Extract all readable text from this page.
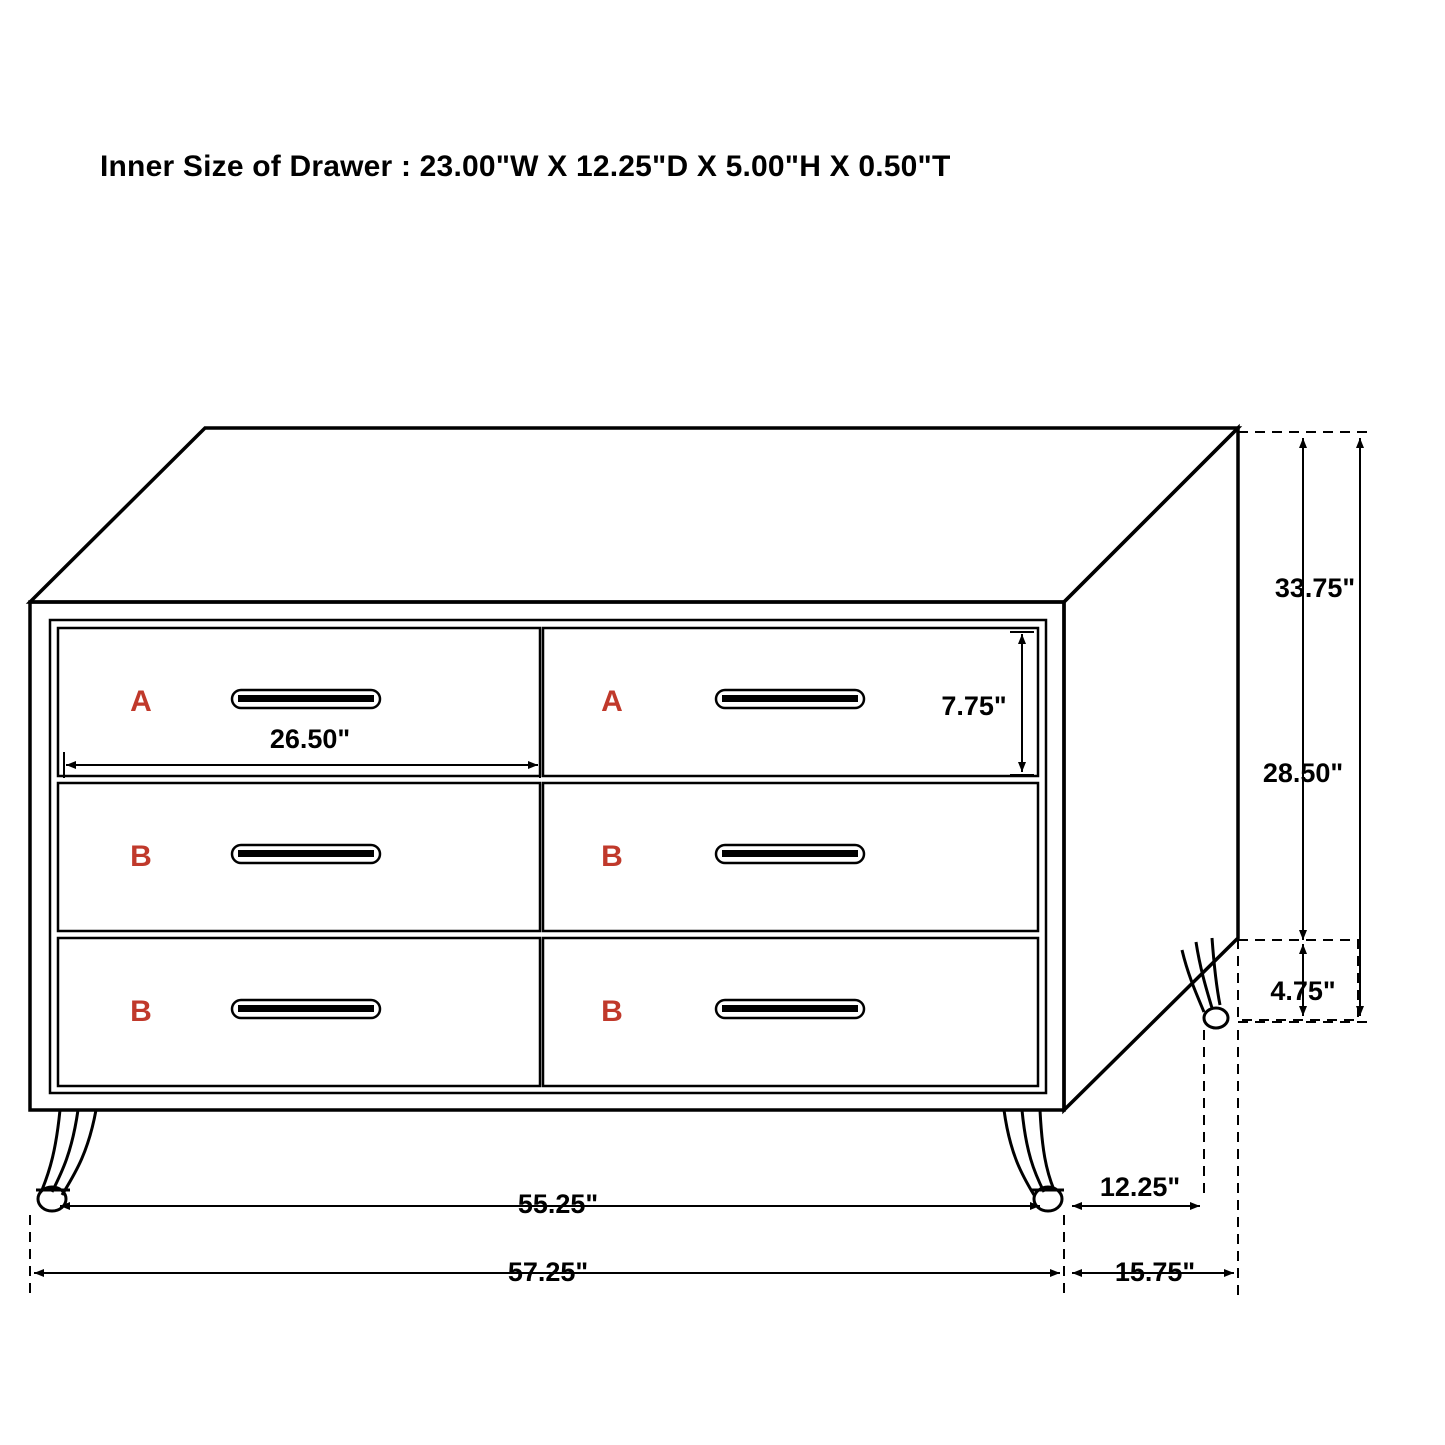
Inner Size of Drawer : 23.00"W X 12.25"D X 5.00"H X 0.50"T
33.75"
28.50"
4.75"
7.75"
26.50"
55.25"
57.25"
12.25"
15.75"
A	A
B	B
B	B
